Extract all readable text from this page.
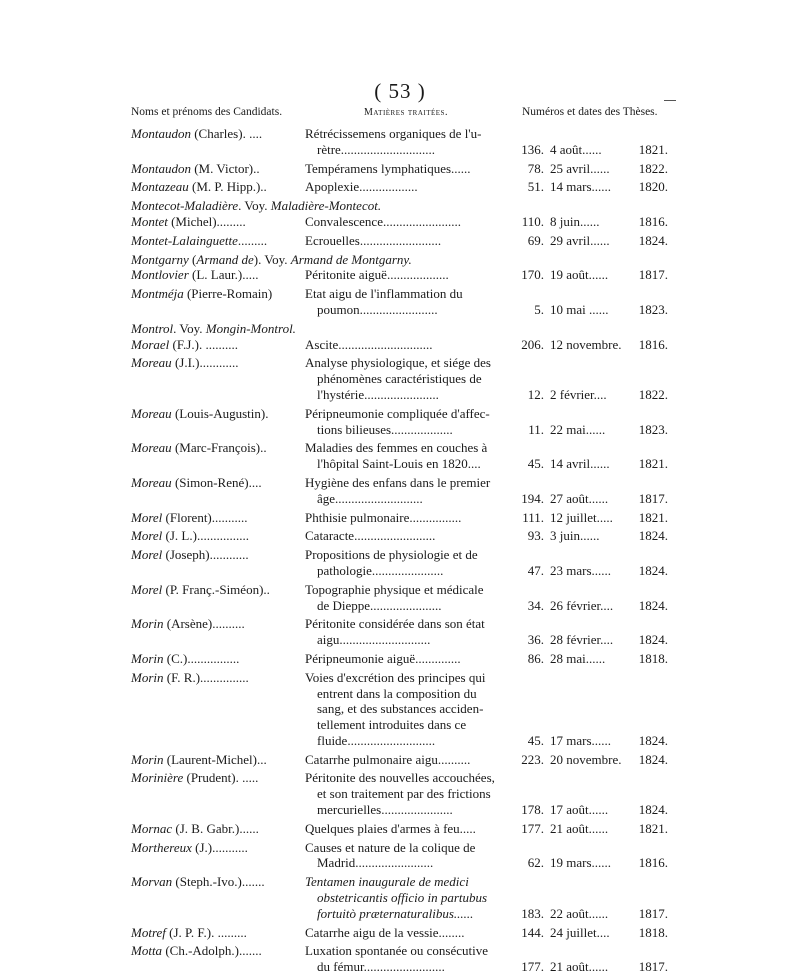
( 53 )
Noms et prénoms des Candidats.	Matières traitées.	Numéros et dates des Thèses.
Montaudon (Charles). ....	Rétrécissemens organiques de l'u-
rètre.............................	136. 4 août......	1821.
Montaudon (M. Victor)..	Tempéramens lymphatiques......	78. 25 avril...... 1822.
Montazeau (M. P. Hipp.)..	Apoplexie..................	51. 14 mars...... 1820.
Montecot-Maladière. Voy. Maladière-Montecot.
Montet (Michel).........	Convalescence........................	110. 8 juin......	1816.
Montet-Lalainguette.........	Ecrouelles.........................	69. 29 avril...... 1824.
Montgarny (Armand de). Voy. Armand de Montgarny.
Montlovier (L. Laur.).....	Péritonite aiguë...................	170. 19 août...... 1817.
Montméja (Pierre-Romain)	Etat aigu de l'inflammation du
poumon........................	5. 10 mai ...... 1823.
Montrol. Voy. Mongin-Montrol.
Morael (F.J.). ..........	Ascite.............................	206. 12 novembre. 1816.
Moreau (J.I.)............	Analyse physiologique, et siége des
phénomènes caractéristiques de
l'hystérie.......................	12. 2 février.... 1822.
Moreau (Louis-Augustin).	Péripneumonie compliquée d'affec-
tions bilieuses...................	11. 22 mai......	1823.
Moreau (Marc-François)..	Maladies des femmes en couches à
l'hôpital Saint-Louis en 1820....	45. 14 avril...... 1821.
Moreau (Simon-René)....	Hygiène des enfans dans le premier
âge...........................	194. 27 août...... 1817.
Morel (Florent)...........	Phthisie pulmonaire................	111. 12 juillet..... 1821.
Morel (J. L.)................	Cataracte.........................	93. 3 juin......	1824.
Morel (Joseph)............	Propositions de physiologie et de
pathologie......................	47. 23 mars...... 1824.
Morel (P. Franç.-Siméon)..	Topographie physique et médicale
de Dieppe......................	34. 26 février.... 1824.
Morin (Arsène)..........	Péritonite considérée dans son état
aigu............................	36. 28 février.... 1824.
Morin (C.)................	Péripneumonie aiguë..............	86. 28 mai......	1818.
Morin (F. R.)...............	Voies d'excrétion des principes qui
entrent dans la composition du
sang, et des substances acciden-
tellement introduites dans ce
fluide...........................	45. 17 mars...... 1824.
Morin (Laurent-Michel)...	Catarrhe pulmonaire aigu..........	223. 20 novembre. 1824.
Morinière (Prudent). .....	Péritonite des nouvelles accouchées,
et son traitement par des frictions
mercurielles......................	178. 17 août...... 1824.
Mornac (J. B. Gabr.)......	Quelques plaies d'armes à feu.....	177. 21 août...... 1821.
Morthereux (J.)...........	Causes et nature de la colique de
Madrid........................	62. 19 mars...... 1816.
Morvan (Steph.-Ivo.).......	Tentamen inaugurale de medici
obstetricantis officio in partubus
fortuitò præternaturalibus......	183. 22 août...... 1817.
Motref (J. P. F.). .........	Catarrhe aigu de la vessie........	144. 24 juillet.... 1818.
Motta (Ch.-Adolph.).......	Luxation spontanée ou consécutive
du fémur.........................	177. 21 août...... 1817.
